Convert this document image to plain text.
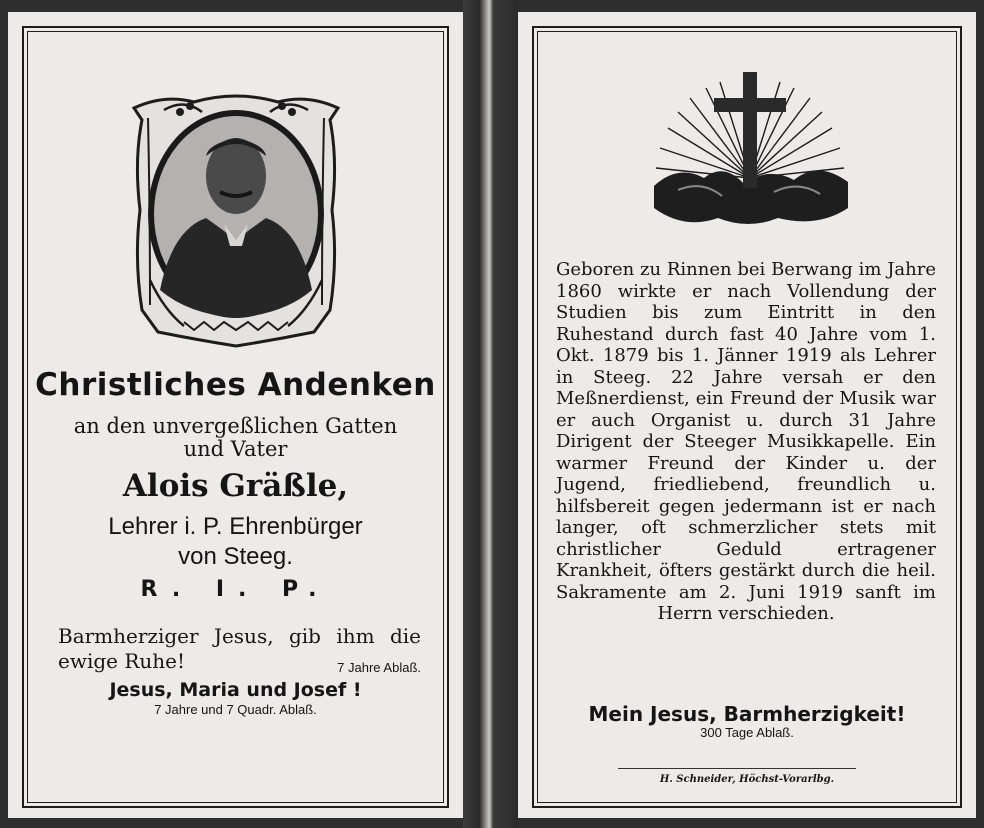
Christliches Andenken
an den unvergeßlichen Gatten
und Vater
Alois Gräßle,
Lehrer i. P. Ehrenbürger
von Steeg.
R. I. P.
Barmherziger Jesus, gib ihm die ewige Ruhe!	7 Jahre Ablaß.
Jesus, Maria und Josef !
7 Jahre und 7 Quadr. Ablaß.
Geboren zu Rinnen bei Berwang im Jahre 1860 wirkte er nach Vollendung der Studien bis zum Eintritt in den Ruhestand durch fast 40 Jahre vom 1. Okt. 1879 bis 1. Jänner 1919 als Lehrer in Steeg. 22 Jahre versah er den Meßnerdienst, ein Freund der Musik war er auch Organist u. durch 31 Jahre Dirigent der Steeger Musikkapelle. Ein warmer Freund der Kinder u. der Jugend, friedliebend, freundlich u. hilfsbereit gegen jedermann ist er nach langer, oft schmerzlicher stets mit christlicher Geduld ertragener Krankheit, öfters gestärkt durch die heil. Sakramente am 2. Juni 1919 sanft im Herrn verschieden.
Mein Jesus, Barmherzigkeit!
300 Tage Ablaß.
H. Schneider, Höchst-Vorarlbg.
